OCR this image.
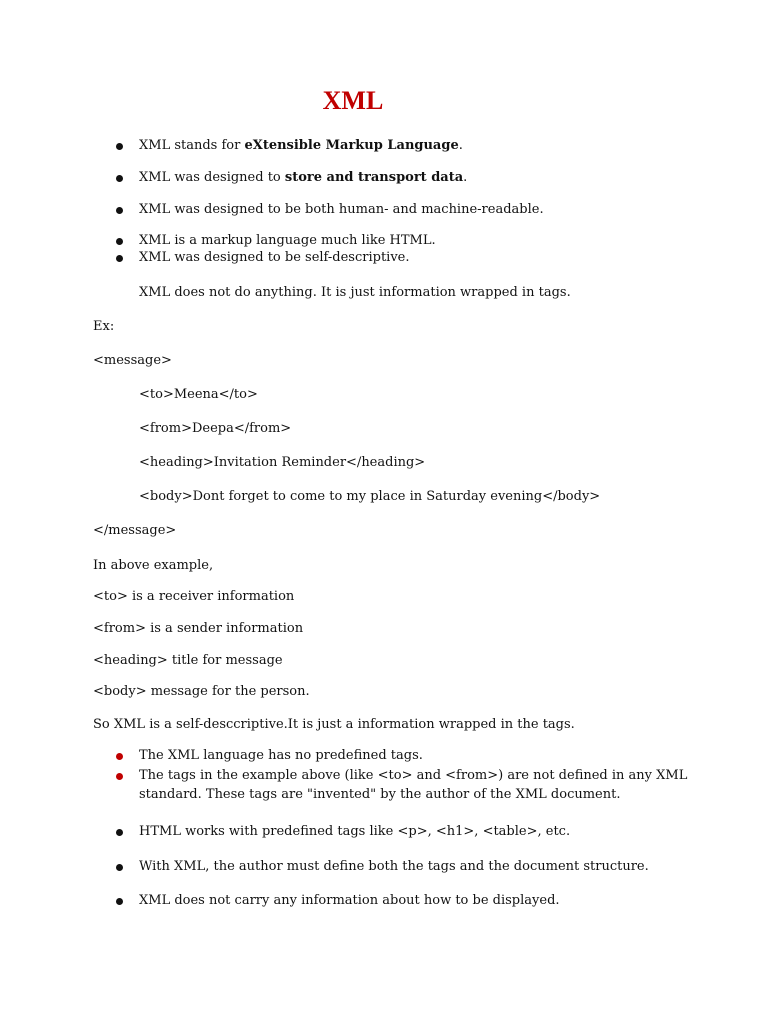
XML
XML stands for eXtensible Markup Language.
XML was designed to store and transport data.
XML was designed to be both human- and machine-readable.
XML is a markup language much like HTML.
XML was designed to be self-descriptive.
XML does not do anything. It is just information wrapped in tags.
Ex:
<message>
<to>Meena</to>
<from>Deepa</from>
<heading>Invitation Reminder</heading>
<body>Dont forget to come to my place in Saturday evening</body>
</message>
In above example,
<to> is a receiver information
<from> is a sender information
<heading> title for message
<body> message for the person.
So XML is a self-desccriptive.It is just a information wrapped in the tags.
The XML language has no predefined tags.
The tags in the example above (like <to> and <from>) are not defined in any XML
standard. These tags are "invented" by the author of the XML document.
HTML works with predefined tags like <p>, <h1>, <table>, etc.
With XML, the author must define both the tags and the document structure.
XML does not carry any information about how to be displayed.
